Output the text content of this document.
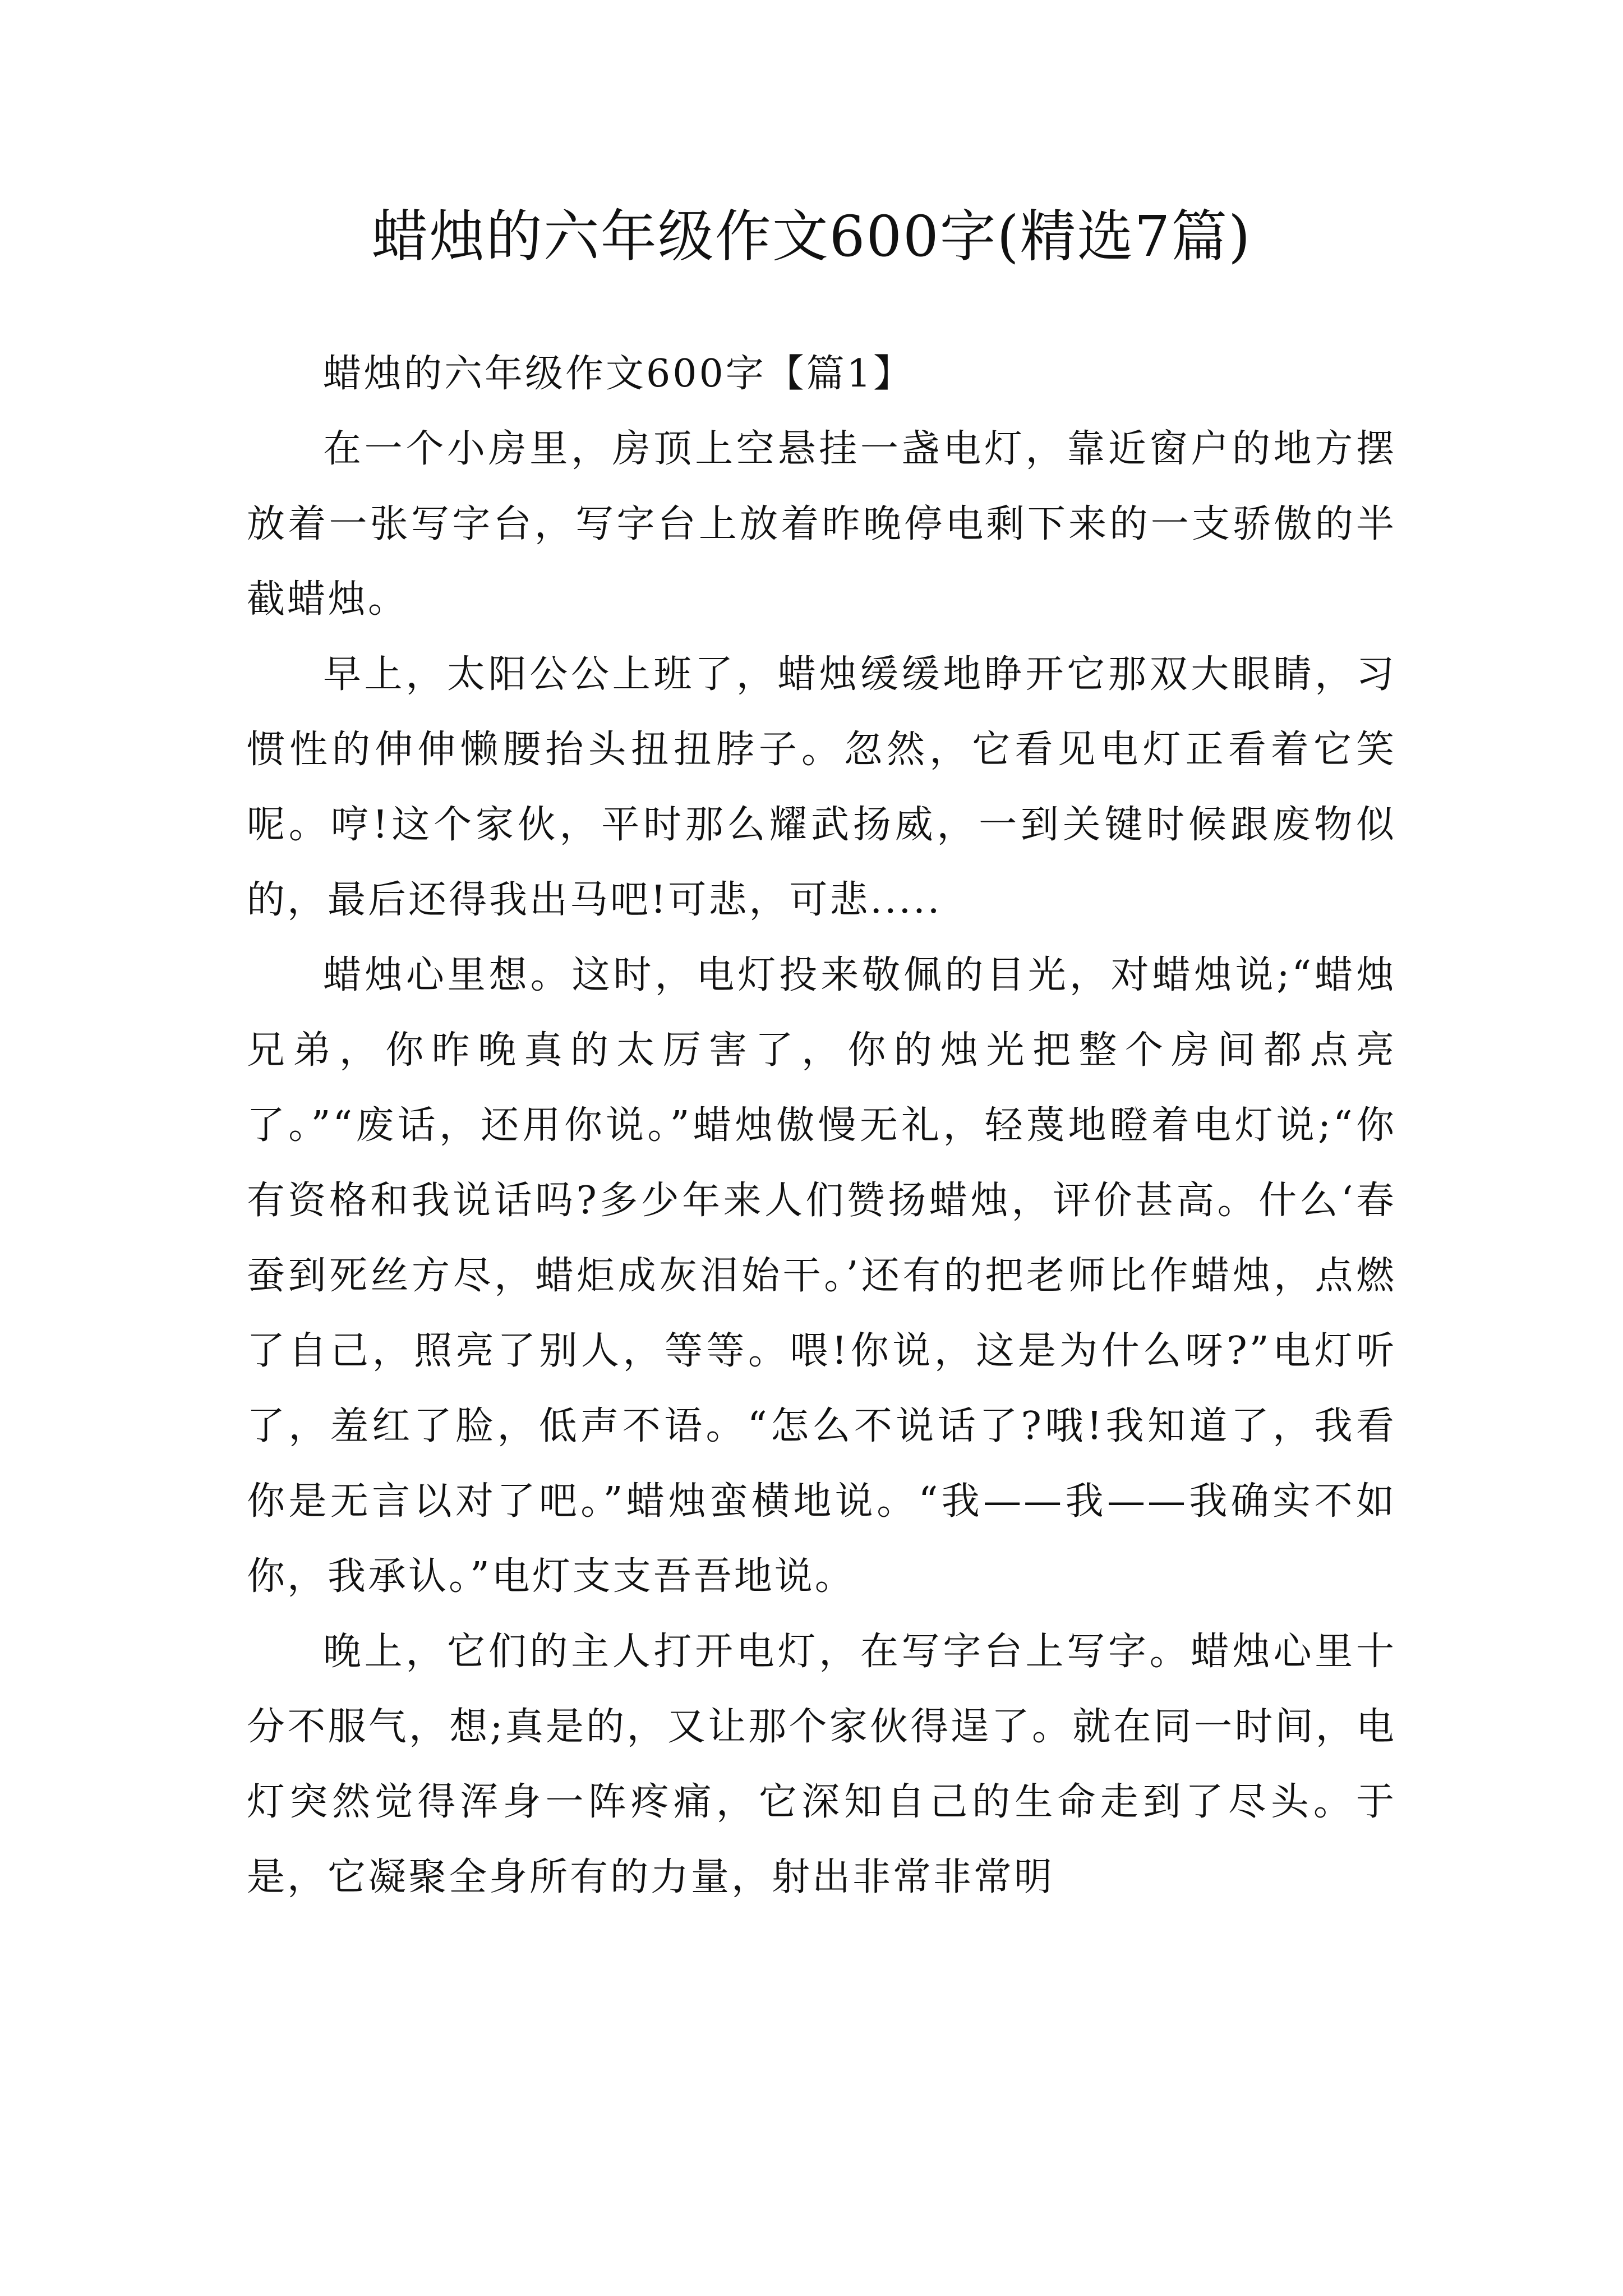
蜡烛的六年级作文600字(精选7篇)

蜡烛的六年级作文600字【篇1】

在一个小房里，房顶上空悬挂一盏电灯，靠近窗户的地方摆放着一张写字台，写字台上放着昨晚停电剩下来的一支骄傲的半截蜡烛。

早上，太阳公公上班了，蜡烛缓缓地睁开它那双大眼睛，习惯性的伸伸懒腰抬头扭扭脖子。忽然，它看见电灯正看着它笑呢。哼!这个家伙，平时那么耀武扬威，一到关键时候跟废物似的，最后还得我出马吧!可悲，可悲.....

蜡烛心里想。这时，电灯投来敬佩的目光，对蜡烛说;“蜡烛兄弟，你昨晚真的太厉害了，你的烛光把整个房间都点亮了。”“废话，还用你说。”蜡烛傲慢无礼，轻蔑地瞪着电灯说;“你有资格和我说话吗?多少年来人们赞扬蜡烛，评价甚高。什么‘春蚕到死丝方尽，蜡炬成灰泪始干。’还有的把老师比作蜡烛，点燃了自己，照亮了别人，等等。喂!你说，这是为什么呀?”电灯听了，羞红了脸，低声不语。“怎么不说话了?哦!我知道了，我看你是无言以对了吧。”蜡烛蛮横地说。“我——我——我确实不如你，我承认。”电灯支支吾吾地说。

晚上，它们的主人打开电灯，在写字台上写字。蜡烛心里十分不服气，想;真是的，又让那个家伙得逞了。就在同一时间，电灯突然觉得浑身一阵疼痛，它深知自己的生命走到了尽头。于是，它凝聚全身所有的力量，射出非常非常明
